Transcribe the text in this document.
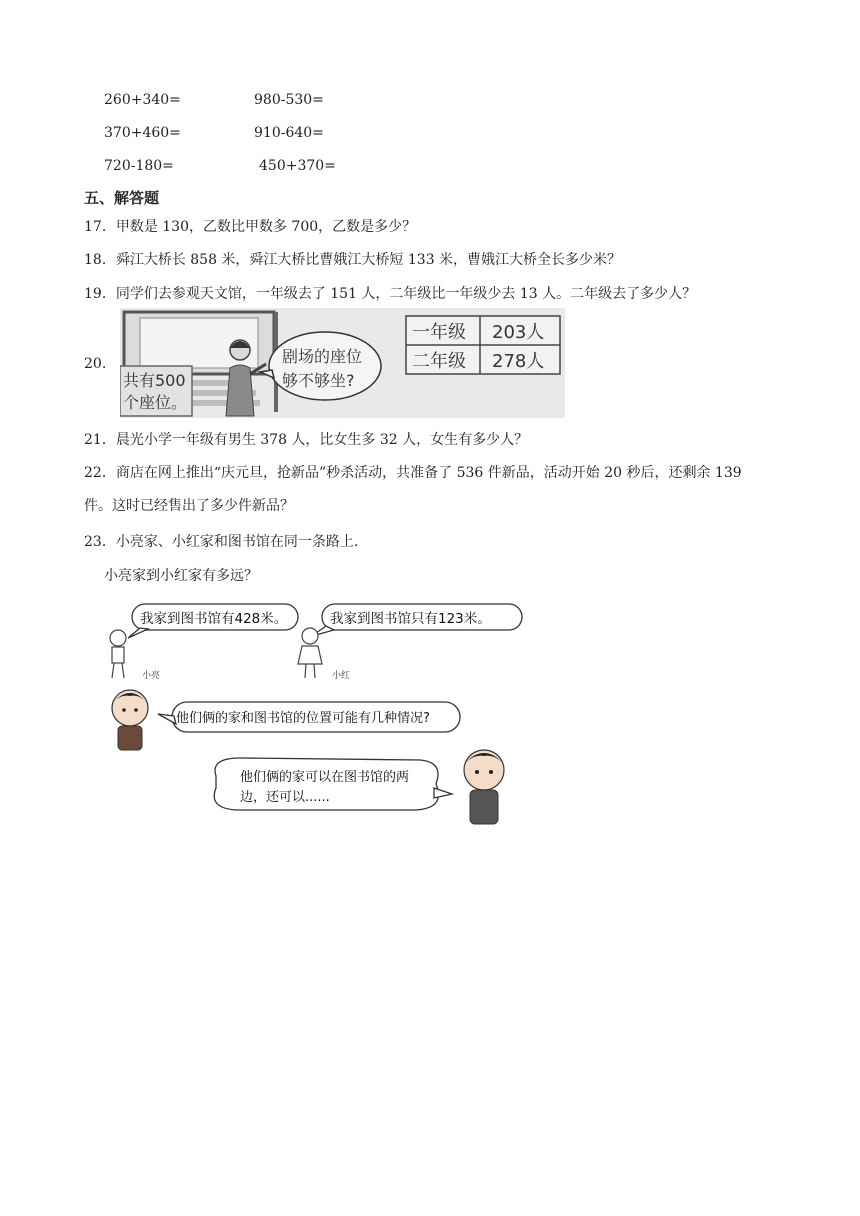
260+340=	980-530=
370+460=	910-640=
720-180=	450+370=
五、解答题
17．甲数是 130，乙数比甲数多 700，乙数是多少？
18．舜江大桥长 858 米，舜江大桥比曹娥江大桥短 133 米，曹娥江大桥全长多少米？
19．同学们去参观天文馆，一年级去了 151 人，二年级比一年级少去 13 人。二年级去了多少人？
20.
共有500
个座位。
剧场的座位
够不够坐?
一年级 203人
二年级 278人
21．晨光小学一年级有男生 378 人，比女生多 32 人，女生有多少人？
22．商店在网上推出“庆元旦，抢新品”秒杀活动，共准备了 536 件新品，活动开始 20 秒后，还剩余 139
件。这时已经售出了多少件新品？
23．小亮家、小红家和图书馆在同一条路上.
小亮家到小红家有多远？
我家到图书馆有428米。
小亮
我家到图书馆只有123米。
小红
他们俩的家和图书馆的位置可能有几种情况?
他们俩的家可以在图书馆的两
边，还可以......
